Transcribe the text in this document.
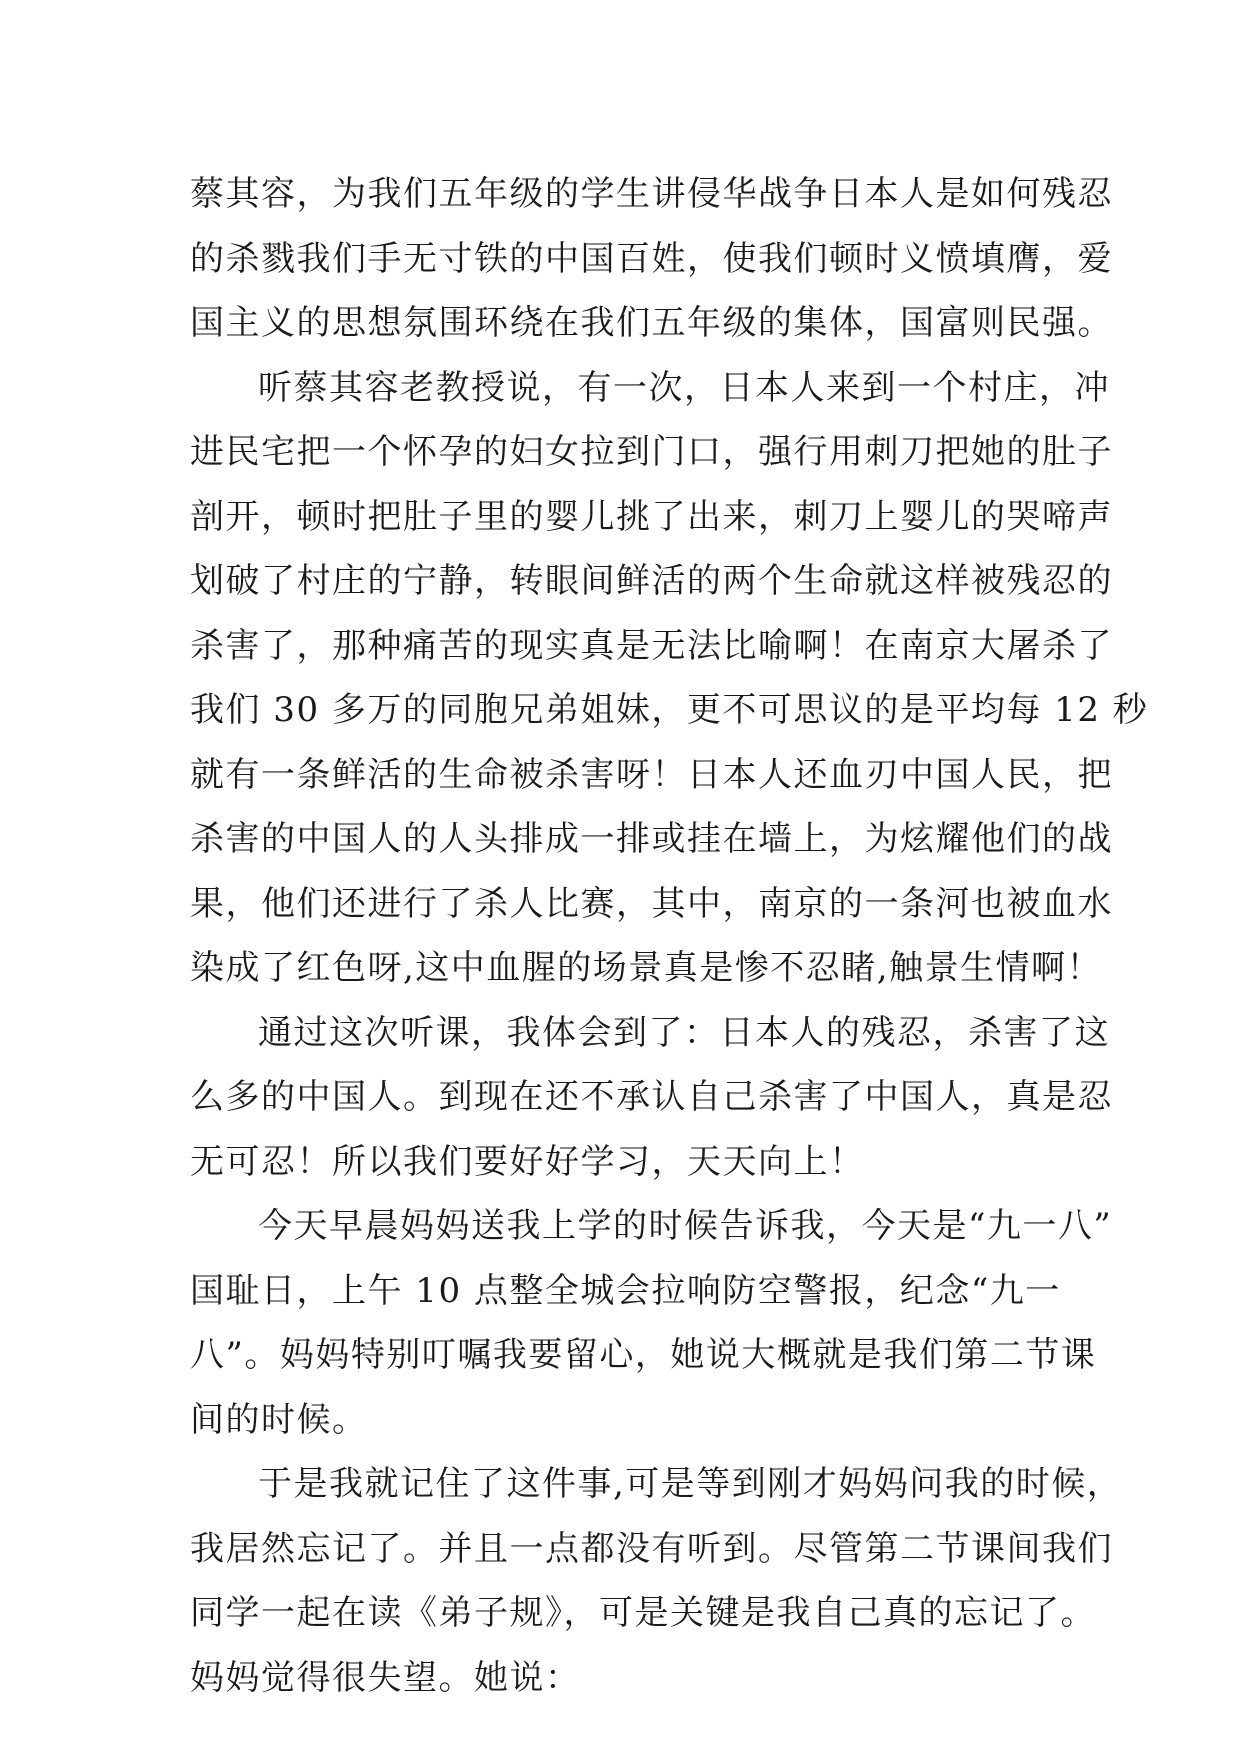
蔡其容，为我们五年级的学生讲侵华战争日本人是如何残忍
的杀戮我们手无寸铁的中国百姓，使我们顿时义愤填膺，爱
国主义的思想氛围环绕在我们五年级的集体，国富则民强。

听蔡其容老教授说，有一次，日本人来到一个村庄，冲
进民宅把一个怀孕的妇女拉到门口，强行用刺刀把她的肚子
剖开，顿时把肚子里的婴儿挑了出来，刺刀上婴儿的哭啼声
划破了村庄的宁静，转眼间鲜活的两个生命就这样被残忍的
杀害了，那种痛苦的现实真是无法比喻啊！在南京大屠杀了
我们 30 多万的同胞兄弟姐妹，更不可思议的是平均每 12 秒
就有一条鲜活的生命被杀害呀！日本人还血刃中国人民，把
杀害的中国人的人头排成一排或挂在墙上，为炫耀他们的战
果，他们还进行了杀人比赛，其中，南京的一条河也被血水
染成了红色呀,这中血腥的场景真是惨不忍睹,触景生情啊！

通过这次听课，我体会到了：日本人的残忍，杀害了这
么多的中国人。到现在还不承认自己杀害了中国人，真是忍
无可忍！所以我们要好好学习，天天向上！

今天早晨妈妈送我上学的时候告诉我，今天是“九一八”
国耻日，上午 10 点整全城会拉响防空警报，纪念“九一
八”。妈妈特别叮嘱我要留心，她说大概就是我们第二节课
间的时候。

于是我就记住了这件事,可是等到刚才妈妈问我的时候，
我居然忘记了。并且一点都没有听到。尽管第二节课间我们
同学一起在读《弟子规》，可是关键是我自己真的忘记了。
妈妈觉得很失望。她说：
